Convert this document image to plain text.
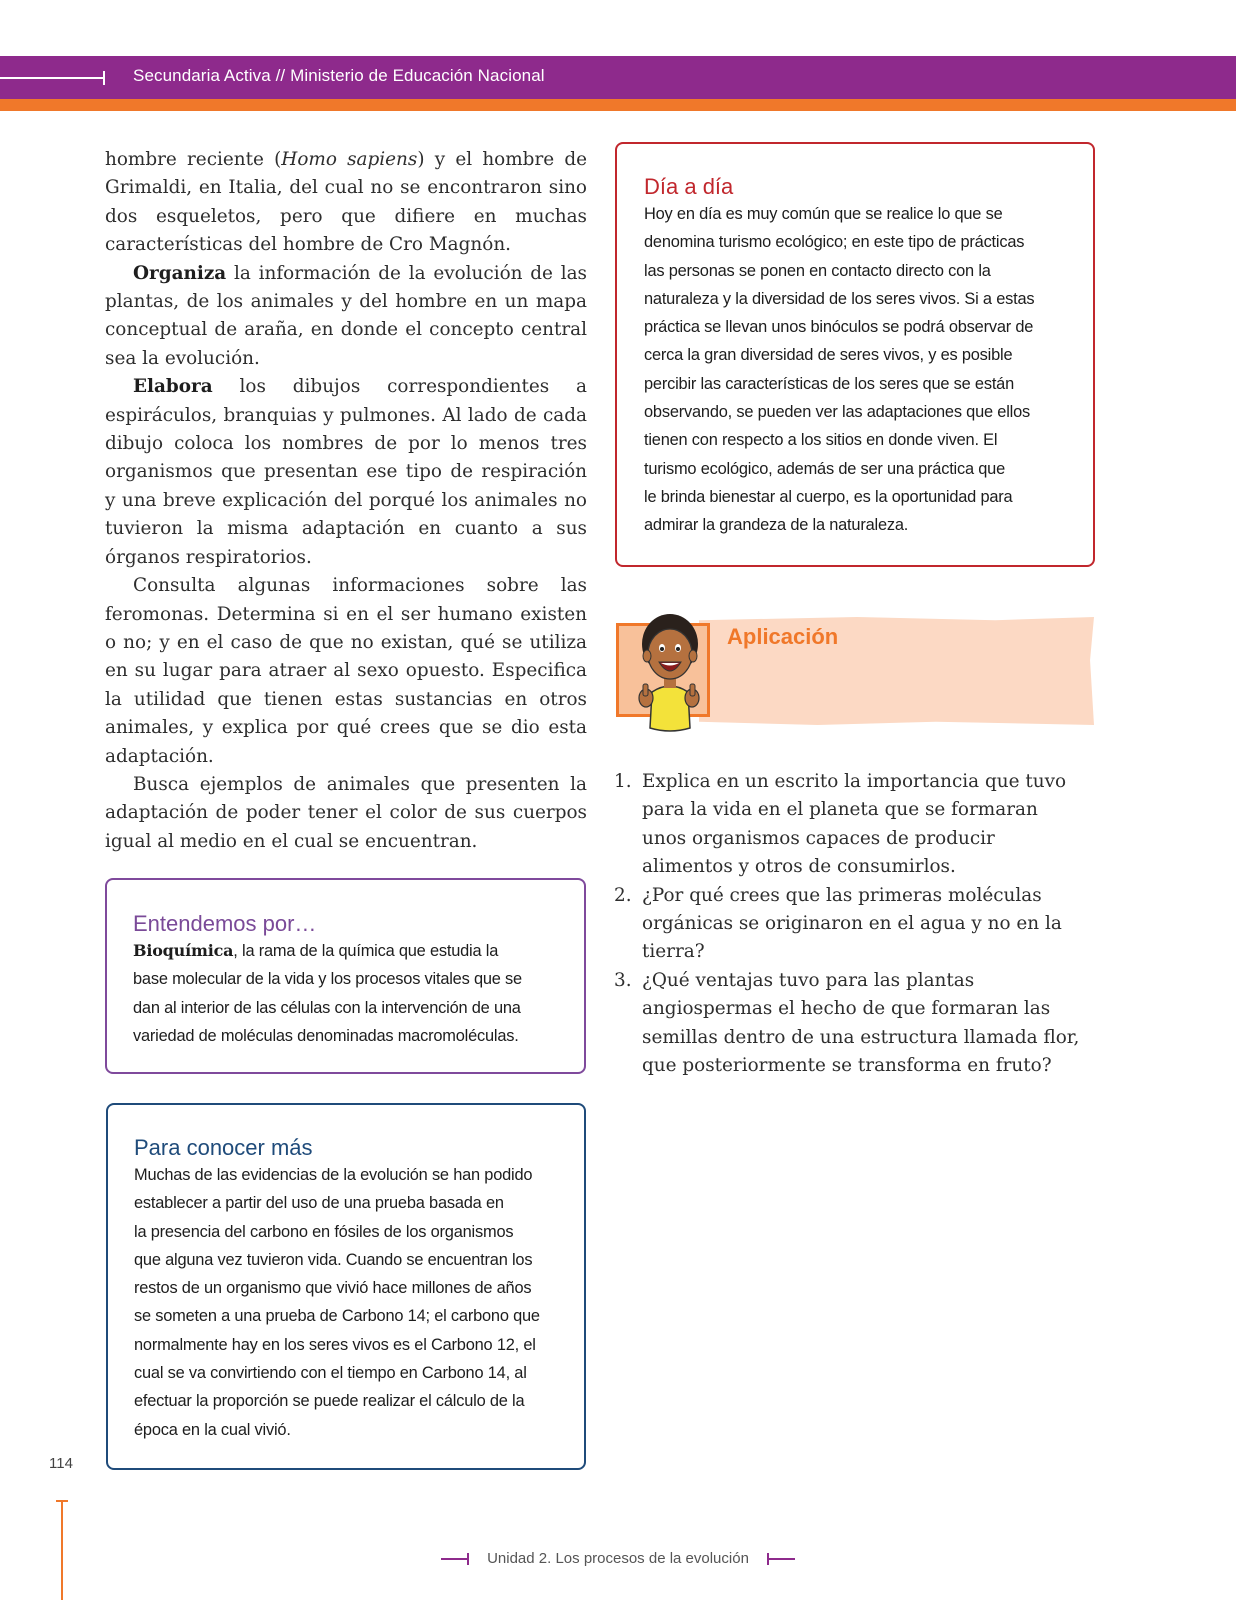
Secundaria Activa // Ministerio de Educación Nacional

hombre reciente (Homo sapiens) y el hombre de Grimaldi, en Italia, del cual no se encontraron sino dos esqueletos, pero que difiere en muchas características del hombre de Cro Magnón.

Organiza la información de la evolución de las plantas, de los animales y del hombre en un mapa conceptual de araña, en donde el concepto central sea la evolución.

Elabora los dibujos correspondientes a espiráculos, branquias y pulmones. Al lado de cada dibujo coloca los nombres de por lo menos tres organismos que presentan ese tipo de respiración y una breve explicación del porqué los animales no tuvieron la misma adaptación en cuanto a sus órganos respiratorios.

Consulta algunas informaciones sobre las feromonas. Determina si en el ser humano existen o no; y en el caso de que no existan, qué se utiliza en su lugar para atraer al sexo opuesto. Especifica la utilidad que tienen estas sustancias en otros animales, y explica por qué crees que se dio esta adaptación.

Busca ejemplos de animales que presenten la adaptación de poder tener el color de sus cuerpos igual al medio en el cual se encuentran.

Día a día
Hoy en día es muy común que se realice lo que se
denomina turismo ecológico; en este tipo de prácticas
las personas se ponen en contacto directo con la
naturaleza y la diversidad de los seres vivos. Si a estas
práctica se llevan unos binóculos se podrá observar de
cerca la gran diversidad de seres vivos, y es posible
percibir las características de los seres que se están
observando, se pueden ver las adaptaciones que ellos
tienen con respecto a los sitios en donde viven. El
turismo ecológico, además de ser una práctica que
le brinda bienestar al cuerpo, es la oportunidad para
admirar la grandeza de la naturaleza.
Aplicación
1. Explica en un escrito la importancia que tuvo para la vida en el planeta que se formaran unos organismos capaces de producir alimentos y otros de consumirlos.
2. ¿Por qué crees que las primeras moléculas orgánicas se originaron en el agua y no en la tierra?
3. ¿Qué ventajas tuvo para las plantas angiospermas el hecho de que formaran las semillas dentro de una estructura llamada flor, que posteriormente se transforma en fruto?
Entendemos por…
Bioquímica, la rama de la química que estudia la
base molecular de la vida y los procesos vitales que se
dan al interior de las células con la intervención de una
variedad de moléculas denominadas macromoléculas.
Para conocer más
Muchas de las evidencias de la evolución se han podido
establecer a partir del uso de una prueba basada en
la presencia del carbono en fósiles de los organismos
que alguna vez tuvieron vida. Cuando se encuentran los
restos de un organismo que vivió hace millones de años
se someten a una prueba de Carbono 14; el carbono que
normalmente hay en los seres vivos es el Carbono 12, el
cual se va convirtiendo con el tiempo en Carbono 14, al
efectuar la proporción se puede realizar el cálculo de la
época en la cual vivió.
114
Unidad 2. Los procesos de la evolución
